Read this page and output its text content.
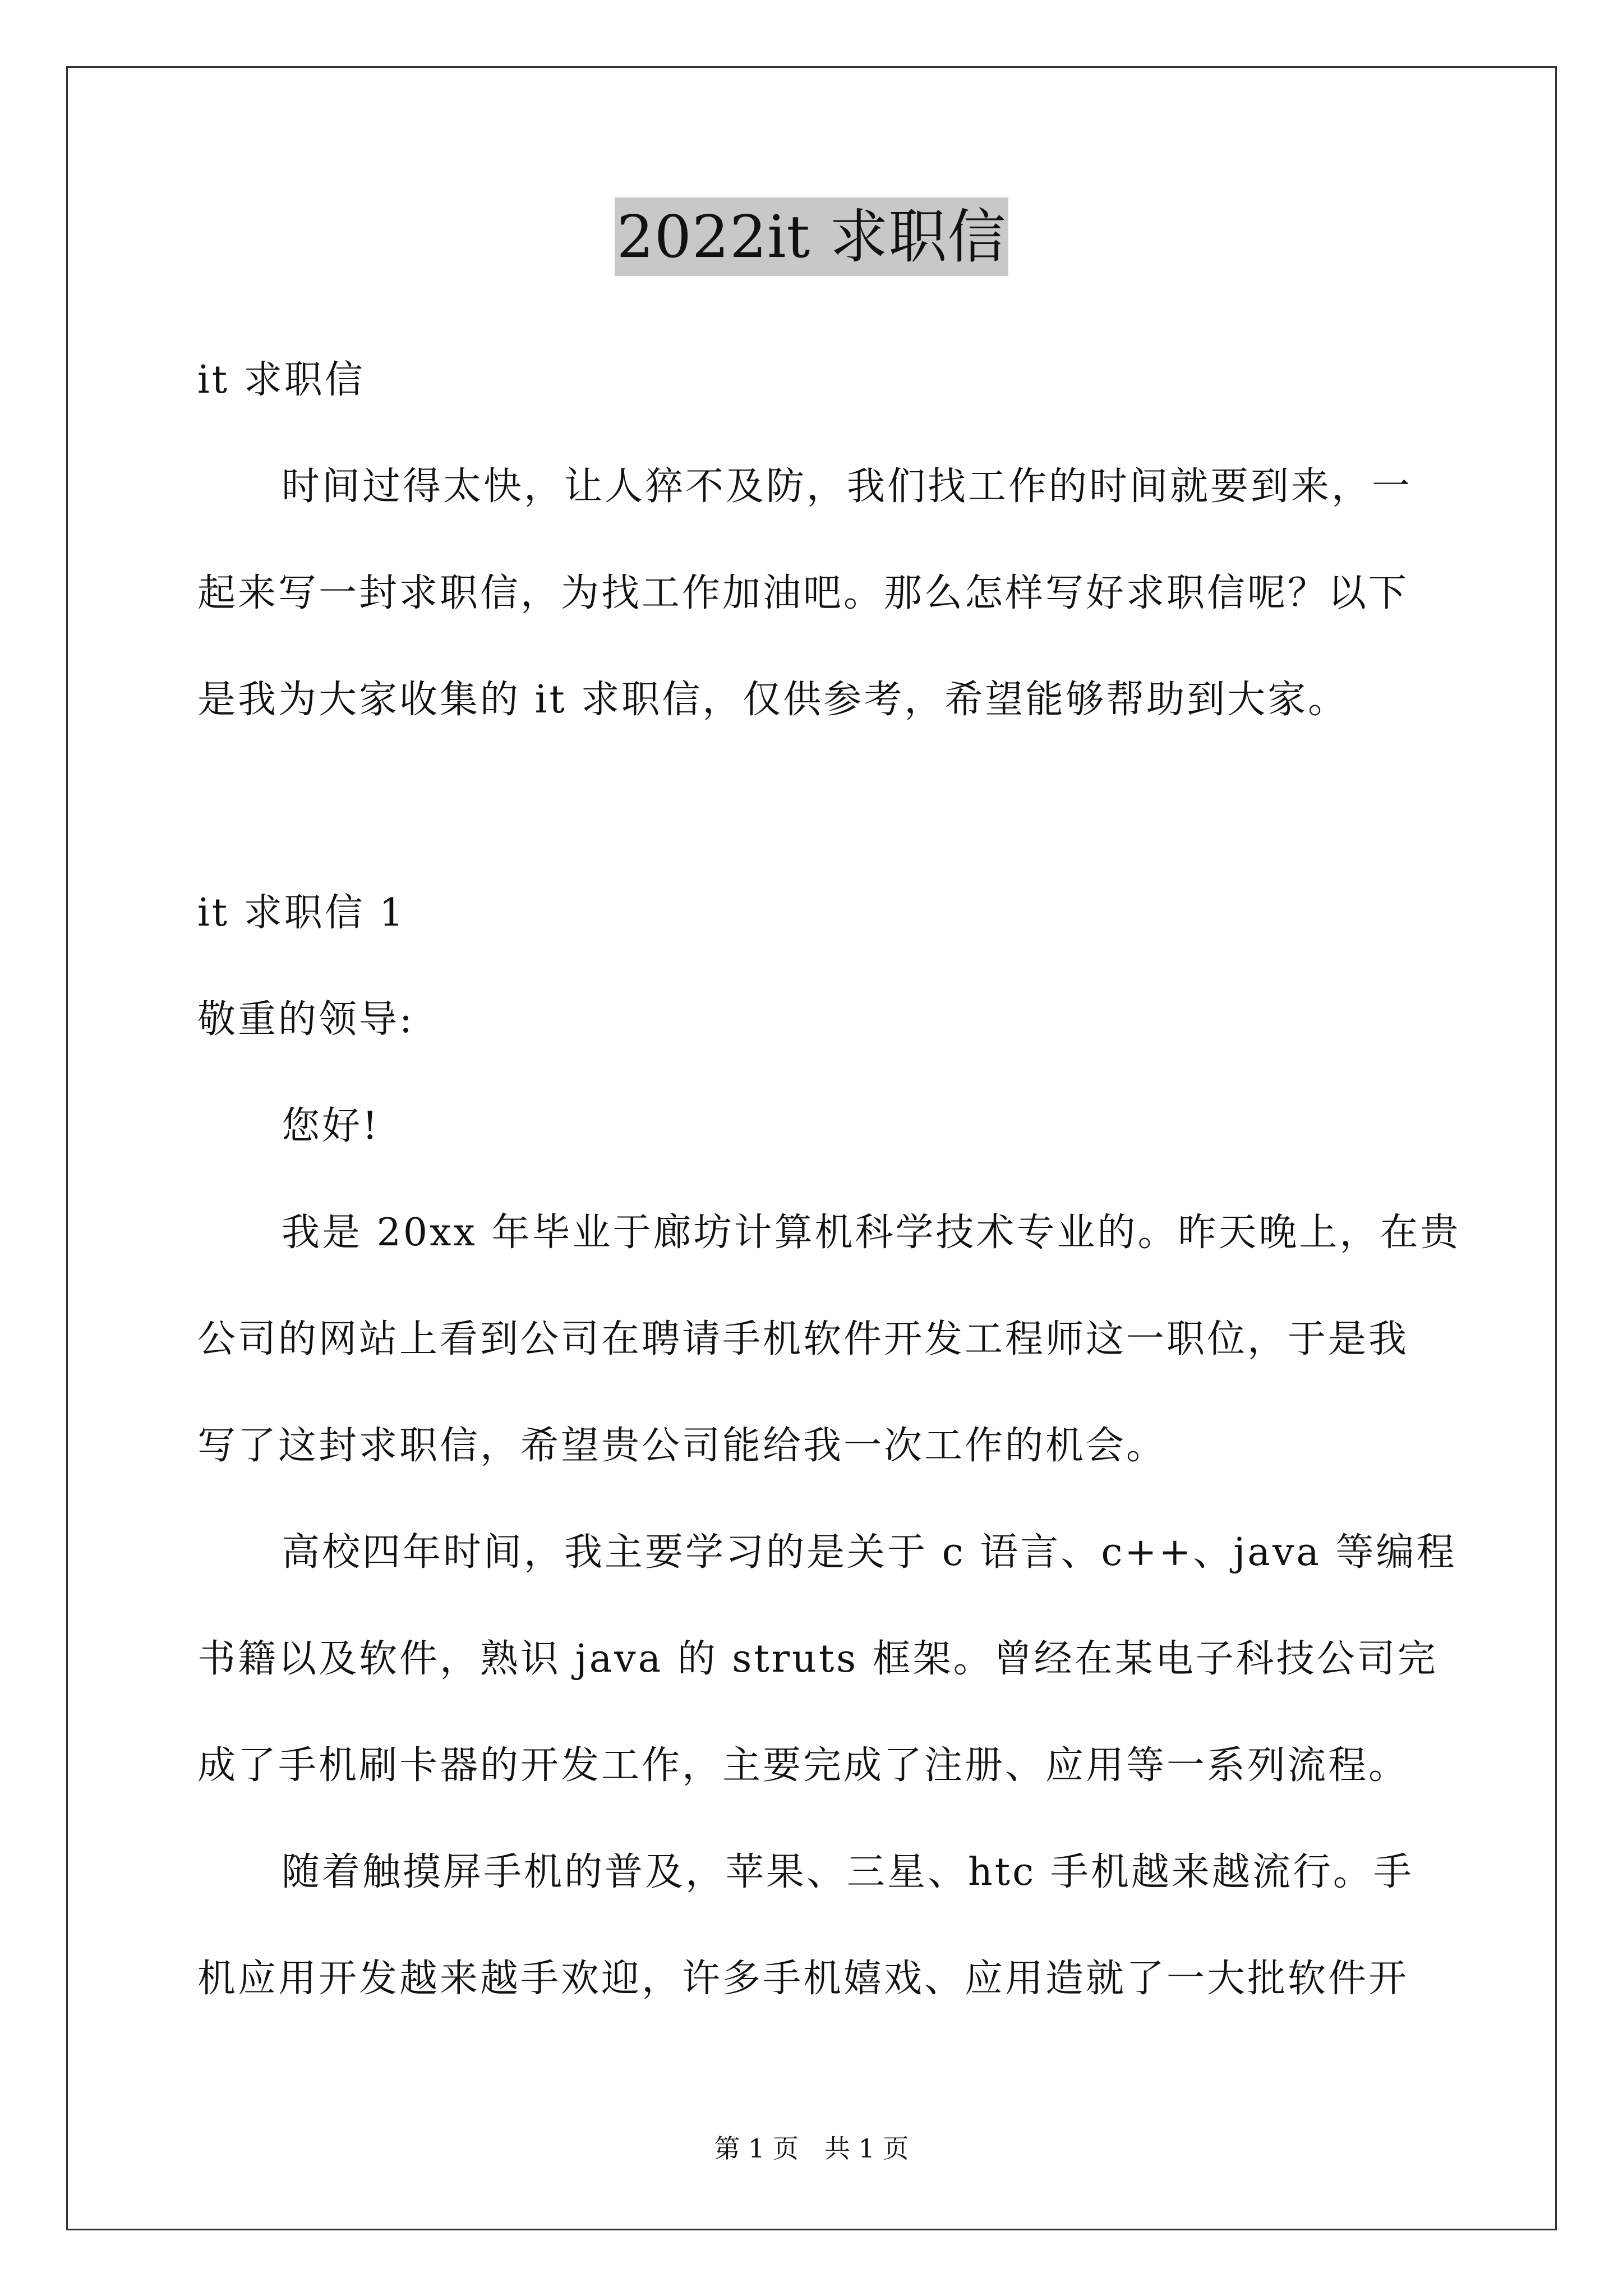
2022it 求职信
it 求职信
时间过得太快，让人猝不及防，我们找工作的时间就要到来，一
起来写一封求职信，为找工作加油吧。那么怎样写好求职信呢？以下
是我为大家收集的 it 求职信，仅供参考，希望能够帮助到大家。
it 求职信 1
敬重的领导:
您好!
我是 20xx 年毕业于廊坊计算机科学技术专业的。昨天晚上，在贵
公司的网站上看到公司在聘请手机软件开发工程师这一职位，于是我
写了这封求职信，希望贵公司能给我一次工作的机会。
高校四年时间，我主要学习的是关于 c 语言、c++、java 等编程
书籍以及软件，熟识 java 的 struts 框架。曾经在某电子科技公司完
成了手机刷卡器的开发工作，主要完成了注册、应用等一系列流程。
随着触摸屏手机的普及，苹果、三星、htc 手机越来越流行。手
机应用开发越来越手欢迎，许多手机嬉戏、应用造就了一大批软件开
第 1 页　共 1 页
